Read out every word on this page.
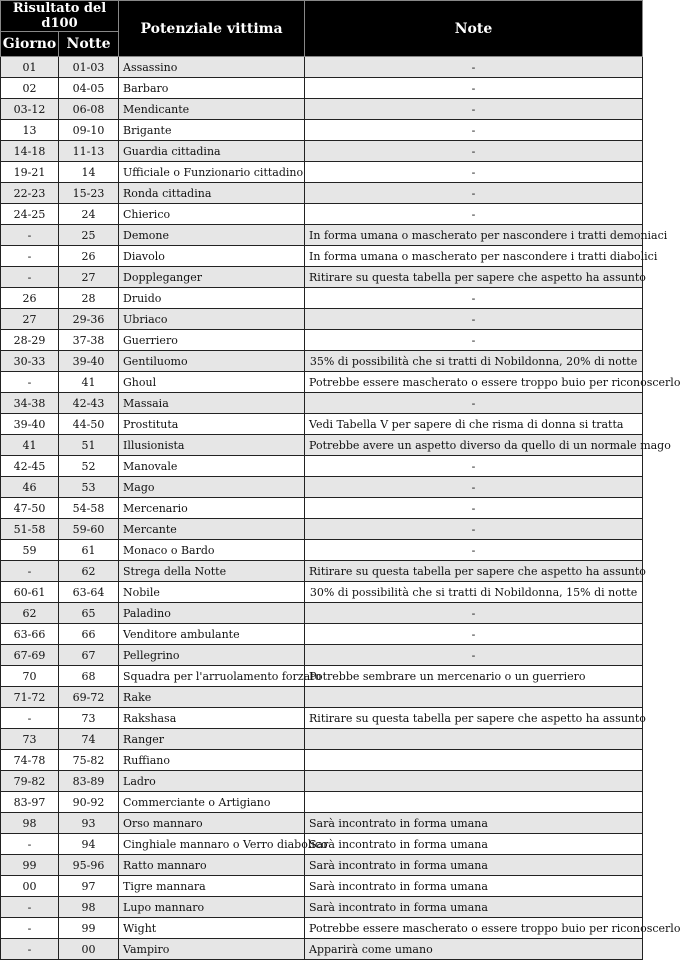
Risultato del d100		Potenziale vittima	Note
Giorno	Notte		
01	01-03	Assassino	-
02	04-05	Barbaro	-
03-12	06-08	Mendicante	-
13	09-10	Brigante	-
14-18	11-13	Guardia cittadina	-
19-21	14	Ufficiale o Funzionario cittadino	-
22-23	15-23	Ronda cittadina	-
24-25	24	Chierico	-
-	25	Demone	In forma umana o mascherato per nascondere i tratti demoniaci
-	26	Diavolo	In forma umana o mascherato per nascondere i tratti diabolici
-	27	Doppleganger	Ritirare su questa tabella per sapere che aspetto ha assunto
26	28	Druido	-
27	29-36	Ubriaco	-
28-29	37-38	Guerriero	-
30-33	39-40	Gentiluomo	35% di possibilità che si tratti di Nobildonna, 20% di notte
-	41	Ghoul	Potrebbe essere mascherato o essere troppo buio per riconoscerlo
34-38	42-43	Massaia	-
39-40	44-50	Prostituta	Vedi Tabella V per sapere di che risma di donna si tratta
41	51	Illusionista	Potrebbe avere un aspetto diverso da quello di un normale mago
42-45	52	Manovale	-
46	53	Mago	-
47-50	54-58	Mercenario	-
51-58	59-60	Mercante	-
59	61	Monaco o Bardo	-
-	62	Strega della Notte	Ritirare su questa tabella per sapere che aspetto ha assunto
60-61	63-64	Nobile	30% di possibilità che si tratti di Nobildonna, 15% di notte
62	65	Paladino	-
63-66	66	Venditore ambulante	-
67-69	67	Pellegrino	-
70	68	Squadra per l'arruolamento forzato	Potrebbe sembrare un mercenario o un guerriero
71-72	69-72	Rake	
-	73	Rakshasa	Ritirare su questa tabella per sapere che aspetto ha assunto
73	74	Ranger	
74-78	75-82	Ruffiano	
79-82	83-89	Ladro	
83-97	90-92	Commerciante o Artigiano	
98	93	Orso mannaro	Sarà incontrato in forma umana
-	94	Cinghiale mannaro o Verro diabolico	Sarà incontrato in forma umana
99	95-96	Ratto mannaro	Sarà incontrato in forma umana
00	97	Tigre mannara	Sarà incontrato in forma umana
-	98	Lupo mannaro	Sarà incontrato in forma umana
-	99	Wight	Potrebbe essere mascherato o essere troppo buio per riconoscerlo
-	00	Vampiro	Apparirà come umano
